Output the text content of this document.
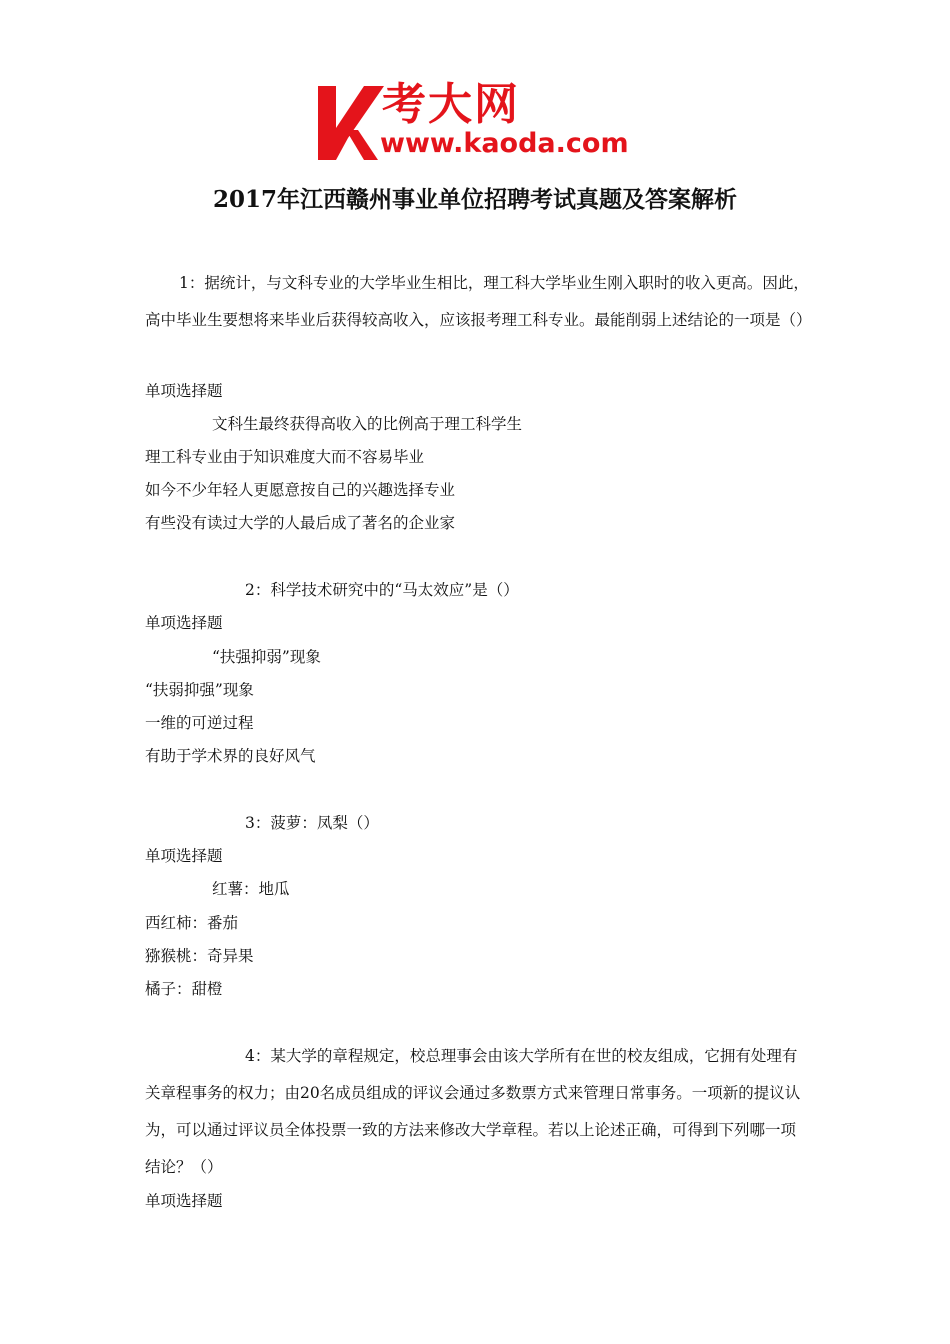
考大网
www.kaoda.com
2017年江西赣州事业单位招聘考试真题及答案解析
1：据统计，与文科专业的大学毕业生相比，理工科大学毕业生刚入职时的收入更高。因此，高中毕业生要想将来毕业后获得较高收入，应该报考理工科专业。最能削弱上述结论的一项是（）
单项选择题
文科生最终获得高收入的比例高于理工科学生
理工科专业由于知识难度大而不容易毕业
如今不少年轻人更愿意按自己的兴趣选择专业
有些没有读过大学的人最后成了著名的企业家
2：科学技术研究中的“马太效应”是（）
单项选择题
“扶强抑弱”现象
“扶弱抑强”现象
一维的可逆过程
有助于学术界的良好风气
3：菠萝：凤梨（）
单项选择题
红薯：地瓜
西红柿：番茄
猕猴桃：奇异果
橘子：甜橙
4：某大学的章程规定，校总理事会由该大学所有在世的校友组成，它拥有处理有关章程事务的权力；由20名成员组成的评议会通过多数票方式来管理日常事务。一项新的提议认为，可以通过评议员全体投票一致的方法来修改大学章程。若以上论述正确，可得到下列哪一项结论？（）
单项选择题
